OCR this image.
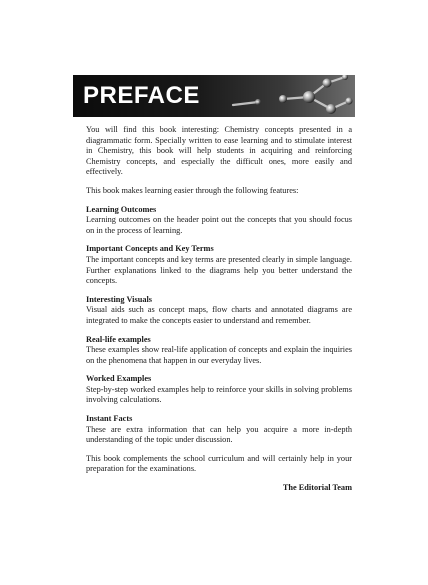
PREFACE

You will find this book interesting: Chemistry concepts presented in a diagrammatic form. Specially written to ease learning and to stimulate interest in Chemistry, this book will help students in acquiring and reinforcing Chemistry concepts, and especially the difficult ones, more easily and effectively.

This book makes learning easier through the following features:

Learning Outcomes

Learning outcomes on the header point out the concepts that you should focus on in the process of learning.

Important Concepts and Key Terms

The important concepts and key terms are presented clearly in simple language. Further explanations linked to the diagrams help you better understand the concepts.

Interesting Visuals

Visual aids such as concept maps, flow charts and annotated diagrams are integrated to make the concepts easier to understand and remember.

Real-life examples

These examples show real-life application of concepts and explain the inquiries on the phenomena that happen in our everyday lives.

Worked Examples

Step-by-step worked examples help to reinforce your skills in solving problems involving calculations.

Instant Facts

These are extra information that can help you acquire a more in-depth understanding of the topic under discussion.

This book complements the school curriculum and will certainly help in your preparation for the examinations.

The Editorial Team
